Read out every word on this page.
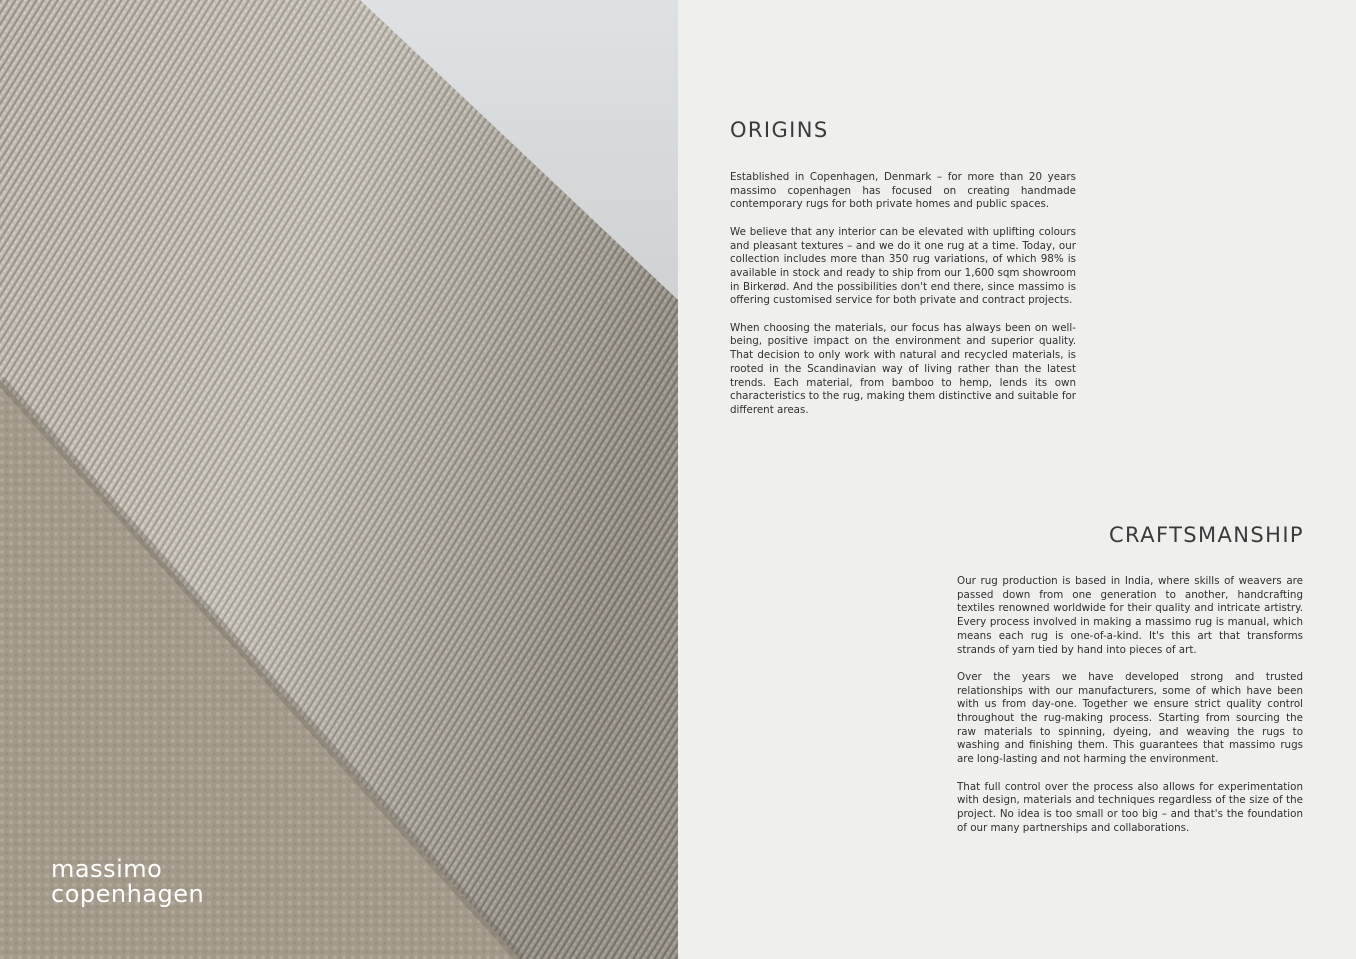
massimo
copenhagen
ORIGINS

Established in Copenhagen, Denmark – for more than 20 years massimo copenhagen has focused on creating handmade contemporary rugs for both private homes and public spaces.

We believe that any interior can be elevated with uplifting colours and pleasant textures – and we do it one rug at a time. Today, our collection includes more than 350 rug variations, of which 98% is available in stock and ready to ship from our 1,600 sqm showroom in Birkerød. And the possibilities don't end there, since massimo is offering customised service for both private and contract projects.

When choosing the materials, our focus has always been on well-being, positive impact on the environment and superior quality. That decision to only work with natural and recycled materials, is rooted in the Scandinavian way of living rather than the latest trends. Each material, from bamboo to hemp, lends its own characteristics to the rug, making them distinctive and suitable for different areas.

CRAFTSMANSHIP

Our rug production is based in India, where skills of weavers are passed down from one generation to another, handcrafting textiles renowned worldwide for their quality and intricate artistry. Every process involved in making a massimo rug is manual, which means each rug is one-of-a-kind. It's this art that transforms strands of yarn tied by hand into pieces of art.

Over the years we have developed strong and trusted relationships with our manufacturers, some of which have been with us from day-one. Together we ensure strict quality control throughout the rug-making process. Starting from sourcing the raw materials to spinning, dyeing, and weaving the rugs to washing and finishing them. This guarantees that massimo rugs are long-lasting and not harming the environment.

That full control over the process also allows for experimentation with design, materials and techniques regardless of the size of the project. No idea is too small or too big – and that's the foundation of our many partnerships and collaborations.
